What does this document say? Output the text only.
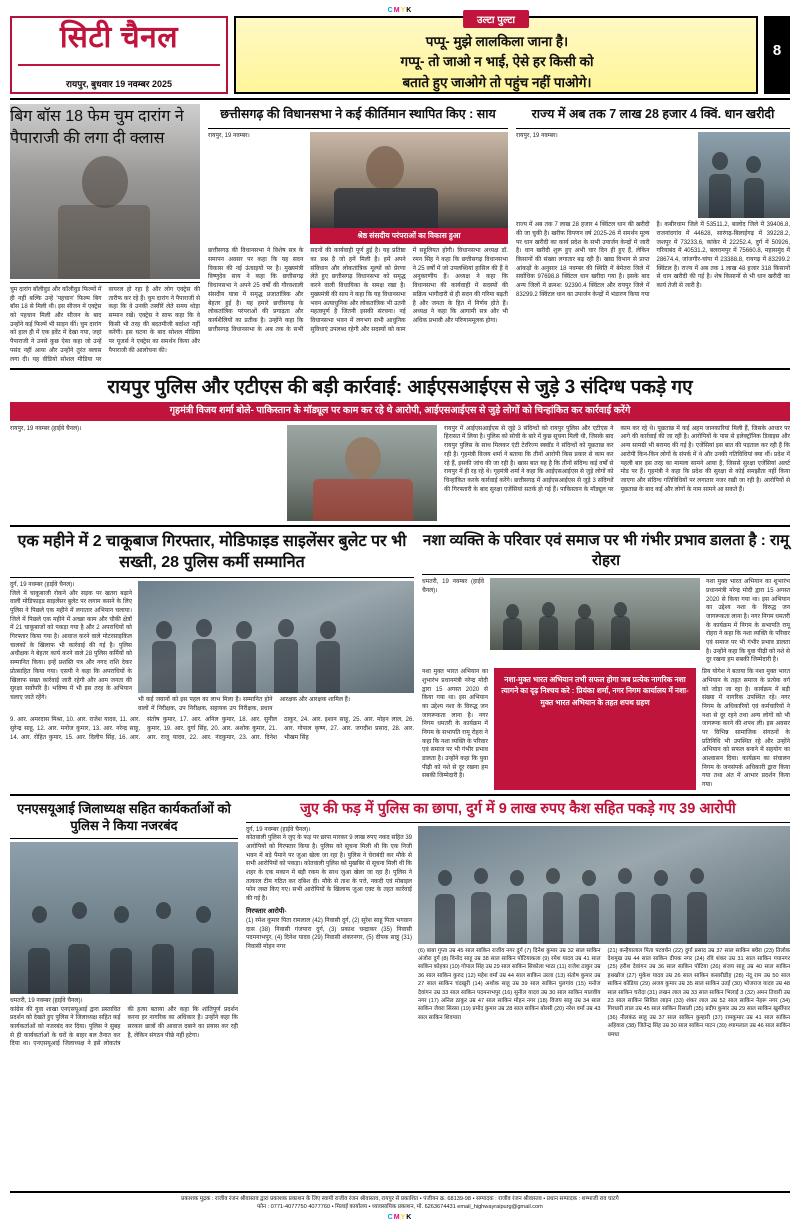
CMYK
सिटी चैनल
रायपुर, बुधवार 19 नवम्बर 2025
उल्टा पुल्टा
पप्पू- मुझे लालकिला जाना है।
गप्पू- तो जाओ न भाई, ऐसे हर किसी को
बताते हुए जाओगे तो पहुंच नहीं पाओगे।
8
बिग बॉस 18 फेम चुम दारांग ने पैपाराजी की लगा दी क्लास
चुम दारांग बॉलीवुड और कॉलीवुड फिल्मों में ही नहीं बल्कि उन्हें 'पहचान' फिल्म बिग बॉस 18 से मिली थी। इस सीजन में एक्ट्रेस को पहचान मिली और सीजन के बाद उन्होंने कई फिल्में भी साइन कीं। चुम दारांग को हाल ही में एक इवेंट में देखा गया, जहां पैपाराजी ने उनसे कुछ ऐसा कहा जो उन्हें पसंद नहीं आया और उन्होंने तुरंत क्लास लगा दी। यह वीडियो सोशल मीडिया पर वायरल हो रहा है और लोग एक्ट्रेस की तारीफ कर रहे हैं। चुम दारांग ने पैपाराजी से कहा कि वे उनकी तस्वीरें लेते समय थोड़ा सम्मान रखें। एक्ट्रेस ने साफ कहा कि वे किसी भी तरह की बदतमीजी बर्दाश्त नहीं करेंगी। इस घटना के बाद सोशल मीडिया पर यूजर्स ने एक्ट्रेस का समर्थन किया और पैपाराजी की आलोचना की।
छत्तीसगढ़ की विधानसभा ने कई कीर्तिमान स्थापित किए : साय
रायपुर, 19 नवम्बर।
श्रेष्ठ संसदीय परंपराओं का विकास हुआ
छत्तीसगढ़ की विधानसभा ने विशेष सत्र के समापन अवसर पर कहा कि यह सदन विकास की नई ऊंचाइयों पर है। मुख्यमंत्री विष्णुदेव साय ने कहा कि छत्तीसगढ़ विधानसभा ने अपने 25 वर्षों की गौरवशाली संसदीय यात्रा में समृद्ध प्रजातांत्रिक और बेहतर हुई है। यह हमारे छत्तीसगढ़ के लोकतांत्रिक परंपराओं की प्रगाढ़ता और कार्यशैलियों का प्रतीक है। उन्होंने कहा कि छत्तीसगढ़ विधानसभा के अब तक के सभी सदनों की कार्यवाही पूर्ण हुई है। यह प्रतिष्ठा का प्रश्न है जो हमें मिली है। हमें अपने संविधान और लोकतांत्रिक मूल्यों को प्रेरणा लेते हुए छत्तीसगढ़ विधानसभा को समृद्ध करने वाली विधायिका के समक्ष रखा है। मुख्यमंत्री की साय ने कहा कि यह विधानसभा भवन अत्याधुनिक और लोकतांत्रिक भी उतनी महत्वपूर्ण है जितनी इसकी संरचना। नई विधानसभा भवन में लगभग सभी आधुनिक सुविधाएं उपलब्ध रहेगी और सदस्यों को काम में सहूलियत होगी। विधानसभा अध्यक्ष डॉ. रमन सिंह ने कहा कि छत्तीसगढ़ विधानसभा ने 25 वर्षों में जो उपलब्धियां हासिल की हैं वे अनुकरणीय हैं। अध्यक्ष ने कहा कि विधानसभा की कार्यवाही में सदस्यों की सक्रिय भागीदारी से ही सदन की गरिमा बढ़ती है और जनता के हित में निर्णय होते हैं। अध्यक्ष ने कहा कि आगामी सत्र और भी अधिक प्रभावी और परिणाममूलक होगा।
राज्य में अब तक 7 लाख 28 हजार 4 क्विं. धान खरीदी
रायपुर, 19 नवम्बर।
राज्य में अब तक 7 लाख 28 हजार 4 क्विंटल धान की खरीदी की जा चुकी है। खरीफ विपणन वर्ष 2025-26 में समर्थन मूल्य पर धान खरीदी का कार्य प्रदेश के सभी उपार्जन केन्द्रों में जारी है। धान खरीदी शुरू हुए अभी चार दिन ही हुए हैं, लेकिन किसानों की संख्या लगातार बढ़ रही है। खाद्य विभाग से प्राप्त आंकड़ों के अनुसार 18 नवम्बर की स्थिति में बेमेतरा जिले में सर्वाधिक 97698.8 क्विंटल धान खरीदा गया है। इसके बाद अन्य जिलों में क्रमश: 92390.4 क्विंटल और रायपुर जिले में 83299.2 क्विंटल धान का उपार्जन केन्द्रों में भंडारण किया गया है। कबीरधाम जिले में 53511.2, बालोद जिले में 39406.8, राजनांदगांव में 44628, सारंगढ़-बिलाईगढ़ में 39228.2, जशपुर में 73233.6, कांकेर में 22252.4, दुर्ग में 50926, गरियाबंद में 40531.2, बलरामपुर में 75660.8, महासमुंद में 28674.4, जांजगीर-चांपा में 23388.8, रायगढ़ में 83299.2 क्विंटल है। राज्य में अब तक 1 लाख 48 हजार 318 किसानों से धान खरीदी की गई है। शेष किसानों से भी धान खरीदी का कार्य तेजी से जारी है।
रायपुर पुलिस और एटीएस की बड़ी कार्रवाई: आईएसआईएस से जुड़े 3 संदिग्ध पकड़े गए
गृहमंत्री विजय शर्मा बोले- पाकिस्तान के मॉड्यूल पर काम कर रहे थे आरोपी, आईएसआईएस से जुड़े लोगों को चिन्हांकित कर कार्रवाई करेंगे
रायपुर, 19 नवम्बर (हाईवे चैनल)।	रायपुर में आईएसआईएस से जुड़े 3 संदिग्धों को रायपुर पुलिस और एटीएस ने हिरासत में लिया है। पुलिस को सोची के बारे में कुछ सूचना मिली थी, जिसके बाद रायपुर पुलिस के साथ मिलकर एंटी टेररिज्म स्क्वॉड ने संदिग्धों को पूछताछ कर रही है। गृहमंत्री विजय शर्मा ने बताया कि तीनों आरोपी किस प्रकार से काम कर रहे हैं, इसकी जांच की जा रही है। खास बात यह है कि तीनों संदिग्ध कई वर्षों से रायपुर में ही रह रहे थे। गृहमंत्री शर्मा ने कहा कि आईएसआईएस से जुड़े लोगों को चिन्हांकित करके कार्रवाई करेंगे। छत्तीसगढ़ में आईएसआईएस से जुड़े 3 संदिग्धों की गिरफ्तारी के बाद सुरक्षा एजेंसियां सतर्क हो गई हैं। पाकिस्तान के मॉड्यूल पर काम कर रहे थे। पूछताछ में कई अहम जानकारियां मिली हैं, जिसके आधार पर आगे की कार्रवाई की जा रही है। आरोपियों के पास से इलेक्ट्रॉनिक डिवाइस और अन्य सामग्री भी बरामद की गई है। एजेंसियां इस बात की पड़ताल कर रही हैं कि आरोपी किन-किन लोगों के संपर्क में थे और उनकी गतिविधियां क्या थीं। प्रदेश में पहली बार इस तरह का मामला सामने आया है, जिससे सुरक्षा एजेंसियां अलर्ट मोड पर हैं। गृहमंत्री ने कहा कि प्रदेश की सुरक्षा से कोई समझौता नहीं किया जाएगा और संदिग्ध गतिविधियों पर लगातार नजर रखी जा रही है। आरोपियों से पूछताछ के बाद कई और लोगों के नाम सामने आ सकते हैं।
एक महीने में 2 चाकूबाज गिरफ्तार, मोडिफाइड साइलेंसर बुलेट पर भी सख्ती, 28 पुलिस कर्मी सम्मानित
दुर्ग, 19 नवम्बर (हाईवे चैनल)।
जिले में चाकूबाजी रोकने और सड़क पर खतरा बढ़ाने वाली मोडिफाइड साइलेंसर बुलेट पर लगाम कसने के लिए पुलिस ने पिछले एक महीने में लगातार अभियान चलाया। जिले में पिछले एक महीने में अच्छा काम और चौकी क्षेत्रों में 21 चाकूबाजों को पकड़ा गया है और 2 अपराधियों को गिरफ्तार किया गया है। आवाज करने वाले मोटरसाइकिल चालकों के खिलाफ भी कार्रवाई की गई है। पुलिस अधीक्षक ने बेहतर कार्य करने वाले 28 पुलिस कर्मियों को सम्मानित किया। इन्हें प्रशस्ति पत्र और नगद राशि देकर प्रोत्साहित किया गया। एसपी ने कहा कि अपराधियों के खिलाफ सख्त कार्रवाई जारी रहेगी और आम जनता की सुरक्षा सर्वोपरि है। भविष्य में भी इस तरह के अभियान चलाए जाते रहेंगे।	भी कई जवानों को इस पहल का लाभ मिला है। सम्मानित होने वालों में निरीक्षक, उप निरीक्षक, सहायक उप निरीक्षक, प्रधान आरक्षक और आरक्षक शामिल हैं।
9. आर. अमरदास मिश्रा, 10. आर. राजेश यादव, 11. आर. सुरेन्द्र साहू, 12. आर. मनोज कुमार, 13. आर. नरेन्द्र साहू, 14. आर. रोहित कुमार, 15. आर. दिलीप सिंह, 16. आर. संतोष कुमार, 17. आर. अनिल कुमार, 18. आर. सुनील कुमार, 19. आर. दुर्गा सिंह, 20. आर. अशोक कुमार, 21. आर. राजू यादव, 22. आर. नंदकुमार, 23. आर. दिनेश ठाकुर, 24. आर. इशान साहू, 25. आर. मोहन लाल, 26. आर. गोपाल कृष्ण, 27. आर. जगदीश प्रसाद, 28. आर. भीखम सिंह
नशा व्यक्ति के परिवार एवं समाज पर भी गंभीर प्रभाव डालता है : रामू रोहरा
धमतरी, 19 नवम्बर (हाईवे चैनल)।
नशा मुक्त भारत अभियान का शुभारंभ प्रधानमंत्री नरेन्द्र मोदी द्वारा 15 अगस्त 2020 से किया गया था। इस अभियान का उद्देश्य नशा के विरुद्ध जन जागरूकता लाना है। नगर निगम धमतरी के कार्यक्रम में निगम के सभापति रामू रोहरा ने कहा कि नशा व्यक्ति के परिवार एवं समाज पर भी गंभीर प्रभाव डालता है। उन्होंने कहा कि युवा पीढ़ी को नशे से दूर रखना हम सबकी जिम्मेदारी है।
नशा मुक्त भारत अभियान का शुभारंभ प्रधानमंत्री नरेन्द्र मोदी द्वारा 15 अगस्त 2020 से किया गया था। इस अभियान का उद्देश्य नशा के विरुद्ध जन जागरूकता लाना है। नगर निगम धमतरी के कार्यक्रम में निगम के सभापति रामू रोहरा ने कहा कि नशा व्यक्ति के परिवार एवं समाज पर भी गंभीर प्रभाव डालता है। उन्होंने कहा कि युवा पीढ़ी को नशे से दूर रखना हम सबकी जिम्मेदारी है।
नशा-मुक्त भारत अभियान तभी सफल होगा जब प्रत्येक नागरिक नशा त्यागने का दृढ़ निश्चय करे : प्रियंका शर्मा, नगर निगम कार्यालय में नशा-मुक्त भारत अभियान के तहत शपथ ग्रहण
प्रिय योगेश ने बताया कि नशा मुक्त भारत अभियान के तहत समाज के प्रत्येक वर्ग को जोड़ा जा रहा है। कार्यक्रम में बड़ी संख्या में नागरिक उपस्थित रहे। नगर निगम के अधिकारियों एवं कर्मचारियों ने नशा से दूर रहने तथा अन्य लोगों को भी जागरूक करने की शपथ ली। इस अवसर पर विभिन्न सामाजिक संगठनों के प्रतिनिधि भी उपस्थित रहे और उन्होंने अभियान को सफल बनाने में सहयोग का आश्वासन दिया। कार्यक्रम का संचालन निगम के जनसंपर्क अधिकारी द्वारा किया गया तथा अंत में आभार प्रदर्शन किया गया।
एनएसयूआई जिलाध्यक्ष सहित कार्यकर्ताओं को पुलिस ने किया नजरबंद
धमतरी, 19 नवम्बर (हाईवे चैनल)।
कांग्रेस की युवा शाखा एनएसयूआई द्वारा प्रस्तावित प्रदर्शन को देखते हुए पुलिस ने जिलाध्यक्ष सहित कई कार्यकर्ताओं को नजरबंद कर दिया। पुलिस ने सुबह से ही कार्यकर्ताओं के घरों के बाहर बल तैनात कर दिया था। एनएसयूआई जिलाध्यक्ष ने इसे लोकतंत्र की हत्या बताया और कहा कि शांतिपूर्ण प्रदर्शन करना हर नागरिक का अधिकार है। उन्होंने कहा कि सरकार छात्रों की आवाज दबाने का प्रयास कर रही है, लेकिन संगठन पीछे नहीं हटेगा।
जुए की फड़ में पुलिस का छापा, दुर्ग में 9 लाख रुपए कैश सहित पकड़े गए 39 आरोपी
दुर्ग, 19 नवम्बर (हाईवे चैनल)।
कोतवाली पुलिस ने जुए के फड़ पर छापा मारकर 9 लाख रुपए नकद सहित 39 आरोपियों को गिरफ्तार किया है। पुलिस को सूचना मिली थी कि एक निजी भवन में बड़े पैमाने पर जुआ खेला जा रहा है। पुलिस ने घेराबंदी कर मौके से सभी आरोपियों को पकड़ा। कोतवाली पुलिस को मुखबिर से सूचना मिली थी कि शहर के एक मकान में बड़ी रकम के साथ जुआ खेला जा रहा है। पुलिस ने तत्काल टीम गठित कर दबिश दी। मौके से ताश के पत्ते, नकदी एवं मोबाइल फोन जब्त किए गए। सभी आरोपियों के खिलाफ जुआ एक्ट के तहत कार्रवाई की गई है।
गिरफ्तार आरोपी-
(1) रमेश कुमार पिता रामलाल (42) निवासी दुर्ग, (2) सुरेश साहू पिता भगवान दास (38) निवासी गंजपारा दुर्ग, (3) प्रकाश चन्द्राकर (35) निवासी पदमनाभपुर, (4) दिनेश यादव (29) निवासी शंकरनगर, (5) दीपक साहू (31) निवासी मोहन नगर
(6) बाबा गुप्ता उम्र 45 साल साकिन राजीव नगर दुर्ग (7) दिनेश कुमार उम्र 32 साल साकिन अंजोरा दुर्ग (8) विनोद साहू उम्र 38 साल साकिन पोटियाकला (9) रमेश यादव उम्र 41 साल साकिन कोहका (10) गोपाल सिंह उम्र 29 साल साकिन सिकोला भाठा (11) राजेश ठाकुर उम्र 36 साल साकिन कुरुद (12) महेश वर्मा उम्र 44 साल साकिन उरला (13) संतोष कुमार उम्र 27 साल साकिन चंदखुरी (14) अशोक साहू उम्र 39 साल साकिन पुलगांव (15) मनोज देवांगन उम्र 33 साल साकिन पदमनाभपुर (16) सुनील यादव उम्र 30 साल साकिन मालवीय नगर (17) अनिल ठाकुर उम्र 47 साल साकिन मोहन नगर (18) विजय साहू उम्र 34 साल साकिन जेवरा सिरसा (19) प्रमोद कुमार उम्र 28 साल साकिन बोरसी (20) नरेश वर्मा उम्र 43 साल साकिन शिवपारा
(21) कन्हैयालाल पिता पटवर्धन (22) दुर्गा प्रसाद उम्र 37 साल साकिन बघेरा (23) तिलोक देशमुख उम्र 44 साल साकिन दीपक नगर (24) रवि शंकर उम्र 31 साल साकिन गयानगर (25) हरीश देवांगन उम्र 36 साल साकिन पोटिया (26) संजय साहू उम्र 40 साल साकिन हथखोज (27) मुकेश यादव उम्र 26 साल साकिन कसारीडीह (28) नंदू राम उम्र 50 साल साकिन कोडिया (29) अजय कुमार उम्र 35 साल साकिन उतई (30) भोजराज यादव उम्र 48 साल साकिन चरोदा (31) लखन लाल उम्र 33 साल साकिन भिलाई 3 (32) अमन तिवारी उम्र 23 साल साकिन सिविल लाइन (33) शंकर लाल उम्र 52 साल साकिन नेहरू नगर (34) गिरधारी लाल उम्र 45 साल साकिन रिसाली (35) प्रदीप कुमार उम्र 29 साल साकिन खुर्सीपार (36) नीलकंठ साहू उम्र 37 साल साकिन कुम्हारी (37) रामकुमार उम्र 41 साल साकिन अहिवारा (38) जितेन्द्र सिंह उम्र 30 साल साकिन पाटन (39) श्यामलाल उम्र 46 साल साकिन धमधा
प्रकाशक मुद्रक : राजीव रंजन श्रीवास्तव द्वारा प्रकाशक प्रकाशन के लिए स्वामी राजीव रंजन श्रीवास्तव, रायपुर से प्रकाशित • पंजीयन क्र. 68139-98 • सम्पादक : राजीव रंजन श्रीवास्तव • प्रधान सम्पादक : शम्भाजी राव घाटगे
फोन : 0771-4077750 4077760 • मिलाई कार्यालय • ध्यावसायिक प्रकाशन, मो. 6263674431 email_highwayraipurg@gmail.com
CMYK
